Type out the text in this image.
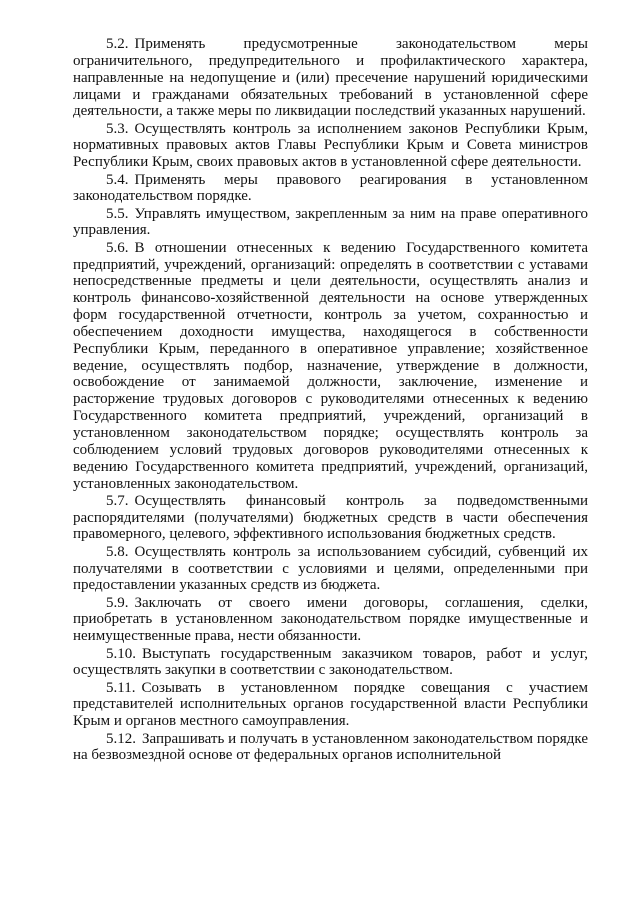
5.2. Применять предусмотренные законодательством меры ограничительного, предупредительного и профилактического характера, направленные на недопущение и (или) пресечение нарушений юридическими лицами и гражданами обязательных требований в установленной сфере деятельности, а также меры по ликвидации последствий указанных нарушений.

5.3. Осуществлять контроль за исполнением законов Республики Крым, нормативных правовых актов Главы Республики Крым и Совета министров Республики Крым, своих правовых актов в установленной сфере деятельности.

5.4. Применять меры правового реагирования в установленном законодательством порядке.

5.5. Управлять имуществом, закрепленным за ним на праве оперативного управления.

5.6. В отношении отнесенных к ведению Государственного комитета предприятий, учреждений, организаций: определять в соответствии с уставами непосредственные предметы и цели деятельности, осуществлять анализ и контроль финансово-хозяйственной деятельности на основе утвержденных форм государственной отчетности, контроль за учетом, сохранностью и обеспечением доходности имущества, находящегося в собственности Республики Крым, переданного в оперативное управление; хозяйственное ведение, осуществлять подбор, назначение, утверждение в должности, освобождение от занимаемой должности, заключение, изменение и расторжение трудовых договоров с руководителями отнесенных к ведению Государственного комитета предприятий, учреждений, организаций в установленном законодательством порядке; осуществлять контроль за соблюдением условий трудовых договоров руководителями отнесенных к ведению Государственного комитета предприятий, учреждений, организаций, установленных законодательством.

5.7. Осуществлять финансовый контроль за подведомственными распорядителями (получателями) бюджетных средств в части обеспечения правомерного, целевого, эффективного использования бюджетных средств.

5.8. Осуществлять контроль за использованием субсидий, субвенций их получателями в соответствии с условиями и целями, определенными при предоставлении указанных средств из бюджета.

5.9. Заключать от своего имени договоры, соглашения, сделки, приобретать в установленном законодательством порядке имущественные и неимущественные права, нести обязанности.

5.10. Выступать государственным заказчиком товаров, работ и услуг, осуществлять закупки в соответствии с законодательством.

5.11. Созывать в установленном порядке совещания с участием представителей исполнительных органов государственной власти Республики Крым и органов местного самоуправления.

5.12. Запрашивать и получать в установленном законодательством порядке на безвозмездной основе от федеральных органов исполнительной
